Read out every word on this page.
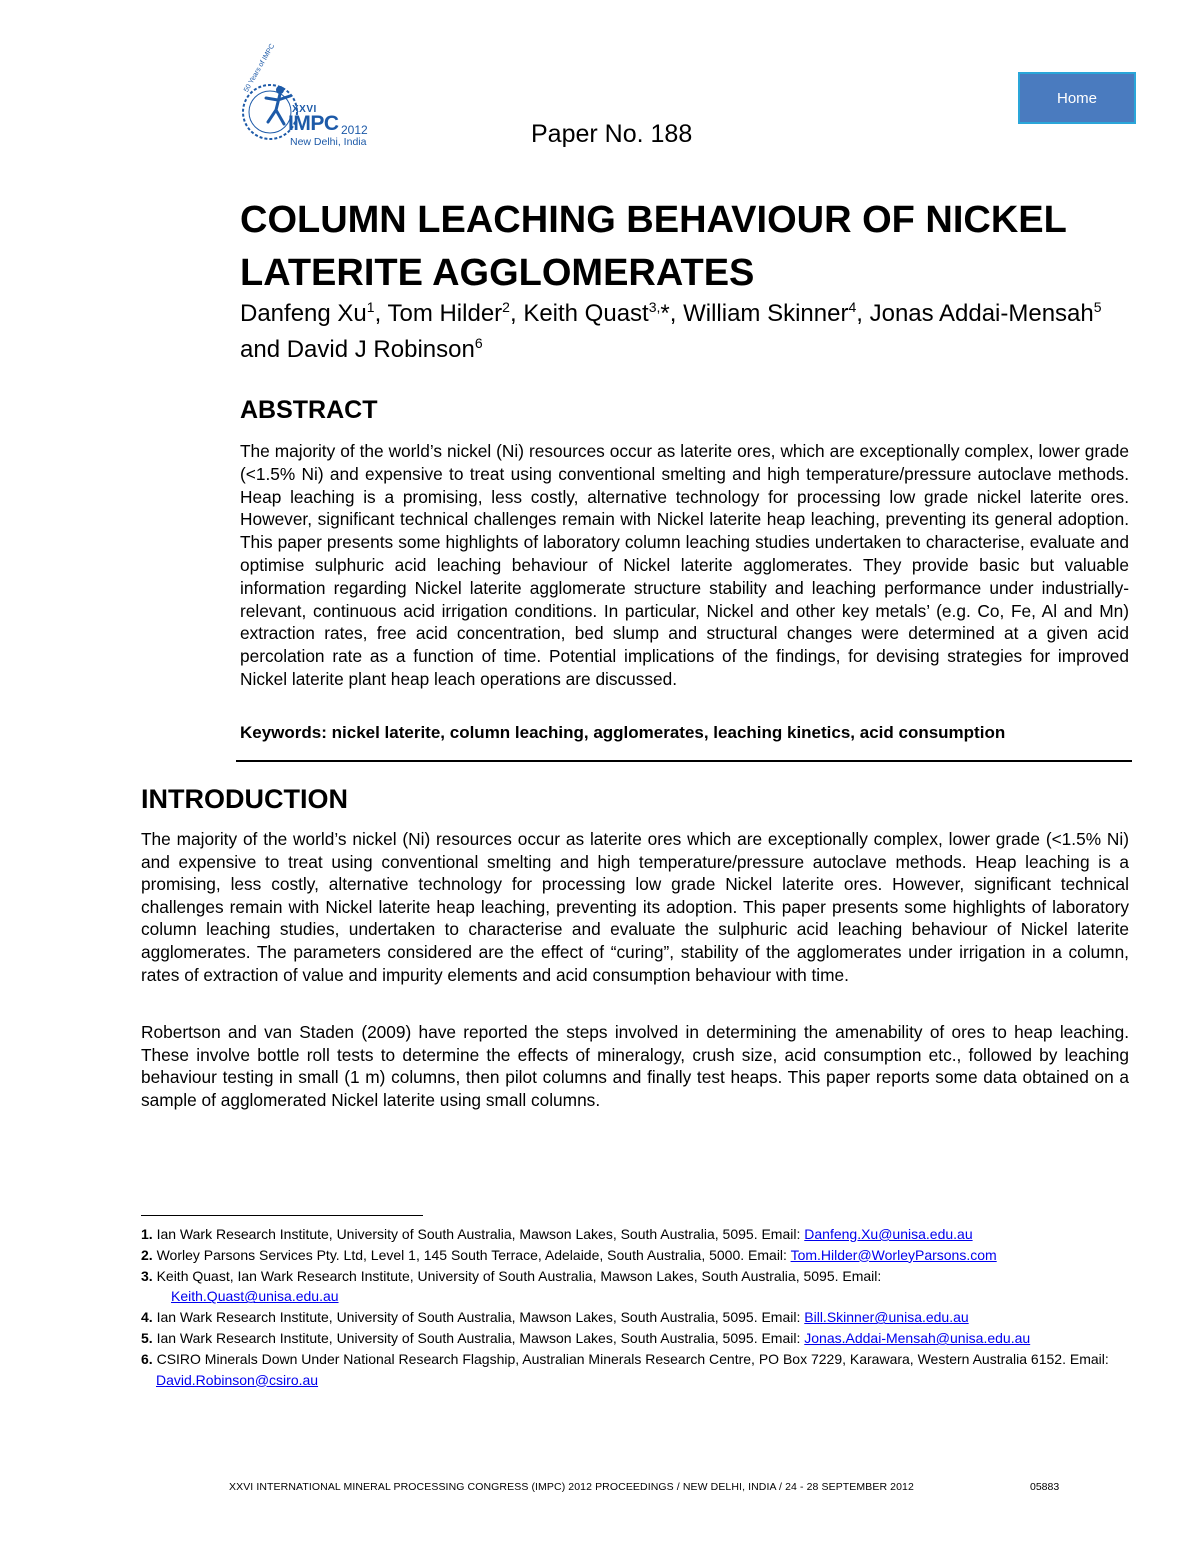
50 Years of IMPC
XXVI
IMPC 2012
New Delhi, India	Paper No. 188
Home
COLUMN LEACHING BEHAVIOUR OF NICKEL LATERITE AGGLOMERATES
Danfeng Xu$^1$, Tom Hilder$^2$, Keith Quast$^{3,}$*, William Skinner$^4$, Jonas Addai-Mensah$^5$ and David J Robinson$^6$
ABSTRACT

The majority of the world’s nickel (Ni) resources occur as laterite ores, which are exceptionally complex, lower grade (<1.5% Ni) and expensive to treat using conventional smelting and high temperature/pressure autoclave methods. Heap leaching is a promising, less costly, alternative technology for processing low grade nickel laterite ores. However, significant technical challenges remain with Nickel laterite heap leaching, preventing its general adoption. This paper presents some highlights of laboratory column leaching studies undertaken to characterise, evaluate and optimise sulphuric acid leaching behaviour of Nickel laterite agglomerates. They provide basic but valuable information regarding Nickel laterite agglomerate structure stability and leaching performance under industrially-relevant, continuous acid irrigation conditions. In particular, Nickel and other key metals’ (e.g. Co, Fe, Al and Mn) extraction rates, free acid concentration, bed slump and structural changes were determined at a given acid percolation rate as a function of time. Potential implications of the findings, for devising strategies for improved Nickel laterite plant heap leach operations are discussed.

Keywords: nickel laterite, column leaching, agglomerates, leaching kinetics, acid consumption
INTRODUCTION

The majority of the world’s nickel (Ni) resources occur as laterite ores which are exceptionally complex, lower grade (<1.5% Ni) and expensive to treat using conventional smelting and high temperature/pressure autoclave methods. Heap leaching is a promising, less costly, alternative technology for processing low grade Nickel laterite ores. However, significant technical challenges remain with Nickel laterite heap leaching, preventing its adoption. This paper presents some highlights of laboratory column leaching studies, undertaken to characterise and evaluate the sulphuric acid leaching behaviour of Nickel laterite agglomerates. The parameters considered are the effect of “curing”, stability of the agglomerates under irrigation in a column, rates of extraction of value and impurity elements and acid consumption behaviour with time.

Robertson and van Staden (2009) have reported the steps involved in determining the amenability of ores to heap leaching. These involve bottle roll tests to determine the effects of mineralogy, crush size, acid consumption etc., followed by leaching behaviour testing in small (1 m) columns, then pilot columns and finally test heaps. This paper reports some data obtained on a sample of agglomerated Nickel laterite using small columns.

1. Ian Wark Research Institute, University of South Australia, Mawson Lakes, South Australia, 5095. Email: Danfeng.Xu@unisa.edu.au

2. Worley Parsons Services Pty. Ltd, Level 1, 145 South Terrace, Adelaide, South Australia, 5000. Email: Tom.Hilder@WorleyParsons.com

3. Keith Quast, Ian Wark Research Institute, University of South Australia, Mawson Lakes, South Australia, 5095. Email:
Keith.Quast@unisa.edu.au

4. Ian Wark Research Institute, University of South Australia, Mawson Lakes, South Australia, 5095. Email: Bill.Skinner@unisa.edu.au

5. Ian Wark Research Institute, University of South Australia, Mawson Lakes, South Australia, 5095. Email: Jonas.Addai-Mensah@unisa.edu.au

6. CSIRO Minerals Down Under National Research Flagship, Australian Minerals Research Centre, PO Box 7229, Karawara, Western Australia 6152. Email: David.Robinson@csiro.au

XXVI INTERNATIONAL MINERAL PROCESSING CONGRESS (IMPC) 2012 PROCEEDINGS / NEW DELHI, INDIA / 24 - 28 SEPTEMBER 2012	05883
